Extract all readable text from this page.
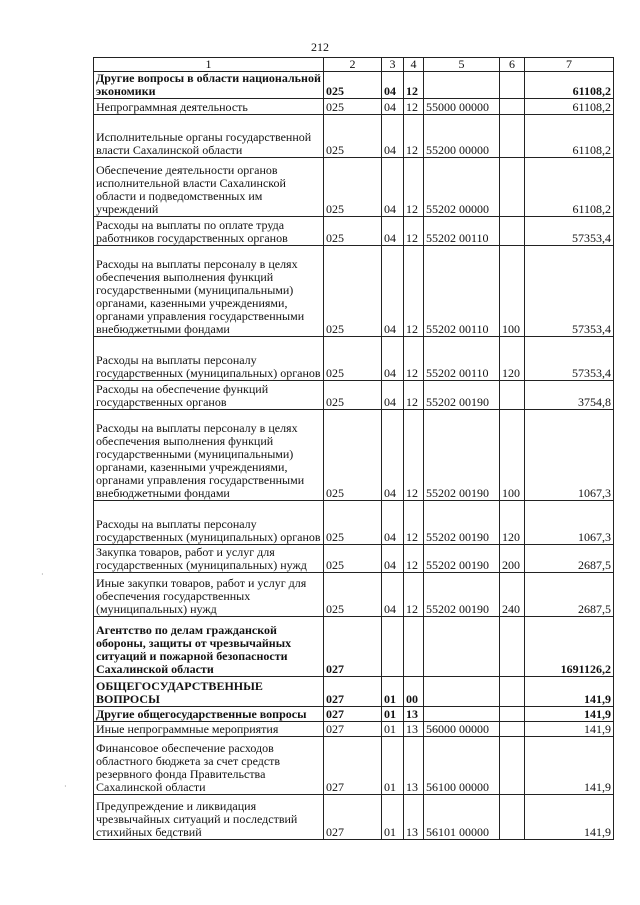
212
1	2	3	4	5	6	7
Другие вопросы в области национальной экономики	025	04	12			61108,2
Непрограммная деятельность	025	04	12	55000 00000		61108,2
Исполнительные органы государственной власти Сахалинской области	025	04	12	55200 00000		61108,2
Обеспечение деятельности органов исполнительной власти Сахалинской области и подведомственных им учреждений	025	04	12	55202 00000		61108,2
Расходы на выплаты по оплате труда работников государственных органов	025	04	12	55202 00110		57353,4
Расходы на выплаты персоналу в целях обеспечения выполнения функций государственными (муниципальными) органами, казенными учреждениями, органами управления государственными внебюджетными фондами	025	04	12	55202 00110	100	57353,4
Расходы на выплаты персоналу государственных (муниципальных) органов	025	04	12	55202 00110	120	57353,4
Расходы на обеспечение функций государственных органов	025	04	12	55202 00190		3754,8
Расходы на выплаты персоналу в целях обеспечения выполнения функций государственными (муниципальными) органами, казенными учреждениями, органами управления государственными внебюджетными фондами	025	04	12	55202 00190	100	1067,3
Расходы на выплаты персоналу государственных (муниципальных) органов	025	04	12	55202 00190	120	1067,3
Закупка товаров, работ и услуг для государственных (муниципальных) нужд	025	04	12	55202 00190	200	2687,5
Иные закупки товаров, работ и услуг для обеспечения государственных (муниципальных) нужд	025	04	12	55202 00190	240	2687,5
Агентство по делам гражданской обороны, защиты от чрезвычайных ситуаций и пожарной безопасности Сахалинской области	027					1691126,2
ОБЩЕГОСУДАРСТВЕННЫЕ ВОПРОСЫ	027	01	00			141,9
Другие общегосударственные вопросы	027	01	13			141,9
Иные непрограммные мероприятия	027	01	13	56000 00000		141,9
Финансовое обеспечение расходов областного бюджета за счет средств резервного фонда Правительства Сахалинской области	027	01	13	56100 00000		141,9
Предупреждение и ликвидация чрезвычайных ситуаций и последствий стихийных бедствий	027	01	13	56101 00000		141,9
·
·
